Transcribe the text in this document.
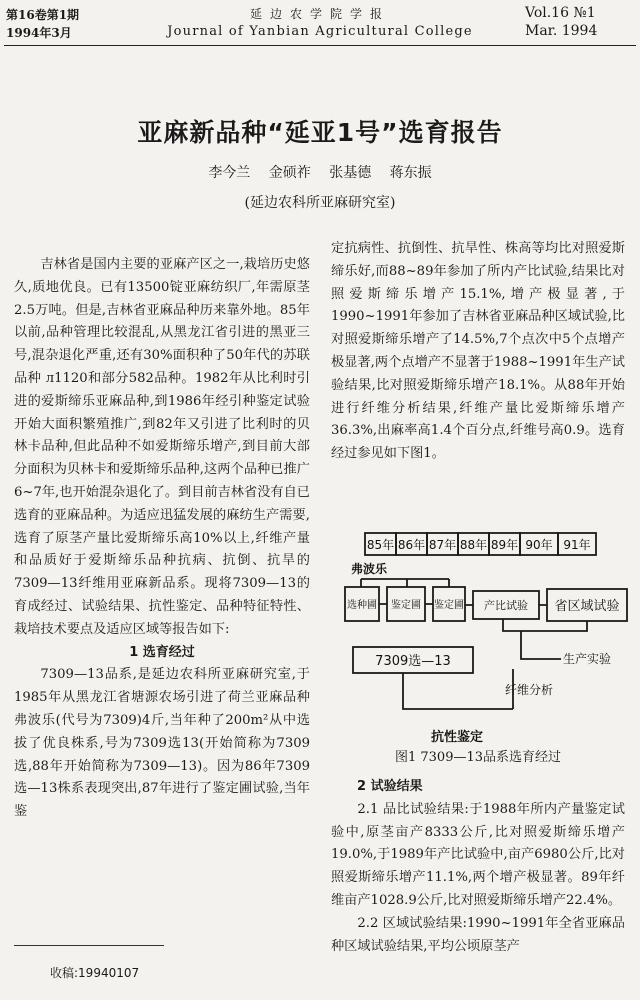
第16卷第1期
1994年3月
延边农学院学报
Journal of Yanbian Agricultural College
Vol.16 №1
Mar. 1994
亚麻新品种“延亚1号”选育报告
李今兰 金硕祚 张基德 蒋东振
(延边农科所亚麻研究室)

吉林省是国内主要的亚麻产区之一,栽培历史悠久,质地优良。已有13500锭亚麻纺织厂,年需原茎2.5万吨。但是,吉林省亚麻品种历来靠外地。85年以前,品种管理比较混乱,从黑龙江省引进的黑亚三号,混杂退化严重,还有30%面积种了50年代的苏联品种 л1120和部分582品种。1982年从比利时引进的爱斯缔乐亚麻品种,到1986年经引种鉴定试验开始大面积繁殖推广,到82年又引进了比利时的贝林卡品种,但此品种不如爱斯缔乐增产,到目前大部分面积为贝林卡和爱斯缔乐品种,这两个品种已推广6~7年,也开始混杂退化了。到目前吉林省没有自已选育的亚麻品种。为适应迅猛发展的麻纺生产需要,选育了原茎产量比爱斯缔乐高10%以上,纤维产量和品质好于爱斯缔乐品种抗病、抗倒、抗旱的7309—13纤维用亚麻新品系。现将7309—13的育成经过、试验结果、抗性鉴定、品种特征特性、栽培技术要点及适应区域等报告如下:

1 选育经过

7309—13品系,是延边农科所亚麻研究室,于1985年从黑龙江省塘源农场引进了荷兰亚麻品种弗波乐(代号为7309)4斤,当年种了200m²从中选拔了优良株系,号为7309选13(开始简称为7309选,88年开始简称为7309—13)。因为86年7309选—13株系表现突出,87年进行了鉴定圃试验,当年鉴

收稿:19940107

定抗病性、抗倒性、抗旱性、株高等均比对照爱斯缔乐好,而88~89年参加了所内产比试验,结果比对照爱斯缔乐增产15.1%,增产极显著,于1990~1991年参加了吉林省亚麻品种区域试验,比对照爱斯缔乐增产了14.5%,7个点次中5个点增产极显著,两个点增产不显著于1988~1991年生产试验结果,比对照爱斯缔乐增产18.1%。从88年开始进行纤维分析结果,纤维产量比爱斯缔乐增产36.3%,出麻率高1.4个百分点,纤维号高0.9。选育经过参见如下图1。

85年 86年 87年 88年 89年 90年 91年
弗波乐
选种圃 鉴定圃 鉴定圃 产比试验 省区域试验
生产实验
7309选—13
纤维分析
抗性鉴定
图1 7309—13品系选育经过

2 试验结果

2.1 品比试验结果:于1988年所内产量鉴定试验中,原茎亩产8333公斤,比对照爱斯缔乐增产19.0%,于1989年产比试验中,亩产6980公斤,比对照爱斯缔乐增产11.1%,两个增产极显著。89年纤维亩产1028.9公斤,比对照爱斯缔乐增产22.4%。

2.2 区域试验结果:1990~1991年全省亚麻品种区域试验结果,平均公顷原茎产
